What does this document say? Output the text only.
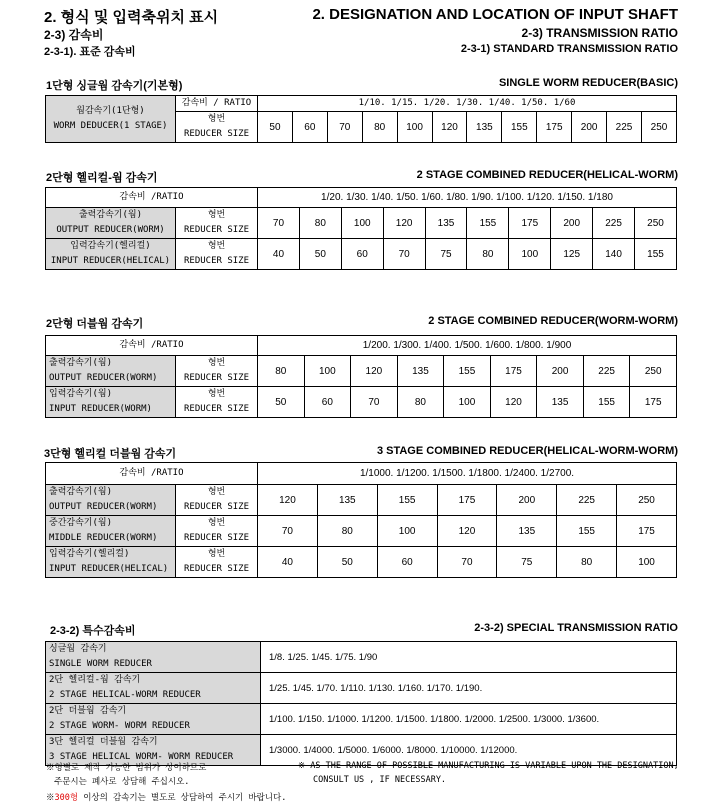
2. 형식 및 입력축위치 표시	2. DESIGNATION AND LOCATION OF INPUT SHAFT
2-3) 감속비	2-3) TRANSMISSION RATIO
2-3-1). 표준 감속비	2-3-1) STANDARD TRANSMISSION RATIO
1단형 싱글웜 감속기(기본형)	SINGLE WORM REDUCER(BASIC)
웜감속기(1단형)
WORM DEDUCER(1 STAGE)	감속비 / RATIO	1/10. 1/15. 1/20. 1/30. 1/40. 1/50. 1/60											
	형번
REDUCER SIZE	50	60	70	80	100	120	135	155	175	200	225	250
2단형 헬리컬-웜 감속기	2 STAGE COMBINED REDUCER(HELICAL-WORM)
감속비 /RATIO		1/20. 1/30. 1/40. 1/50. 1/60. 1/80. 1/90. 1/100. 1/120. 1/150. 1/180									
출력감속기(웜)
OUTPUT REDUCER(WORM)	형번
REDUCER SIZE	70	80	100	120	135	155	175	200	225	250
입력감속기(헬리컬)
INPUT REDUCER(HELICAL)	형번
REDUCER SIZE	40	50	60	70	75	80	100	125	140	155
2단형 더블웜 감속기	2 STAGE COMBINED REDUCER(WORM-WORM)
감속비 /RATIO		1/200. 1/300. 1/400. 1/500. 1/600. 1/800. 1/900								
출력감속기(웜)
OUTPUT REDUCER(WORM)	형번
REDUCER SIZE	80	100	120	135	155	175	200	225	250
입력감속기(웜)
INPUT REDUCER(WORM)	형번
REDUCER SIZE	50	60	70	80	100	120	135	155	175
3단형 헬리컬 더블웜 감속기	3 STAGE COMBINED REDUCER(HELICAL-WORM-WORM)
감속비 /RATIO		1/1000. 1/1200. 1/1500. 1/1800. 1/2400. 1/2700.						
출력감속기(웜)
OUTPUT REDUCER(WORM)	형번
REDUCER SIZE	120	135	155	175	200	225	250
중간감속기(웜)
MIDDLE REDUCER(WORM)	형번
REDUCER SIZE	70	80	100	120	135	155	175
입력감속기(헬리컬)
INPUT REDUCER(HELICAL)	형번
REDUCER SIZE	40	50	60	70	75	80	100
2-3-2) 특수감속비	2-3-2) SPECIAL TRANSMISSION RATIO
싱글웜 감속기
SINGLE WORM REDUCER	1/8. 1/25. 1/45. 1/75. 1/90
2단 헬리컬-웜 감속기
2 STAGE HELICAL-WORM REDUCER	1/25. 1/45. 1/70. 1/110. 1/130. 1/160. 1/170. 1/190.
2단 더블웜 감속기
2 STAGE WORM- WORM REDUCER	1/100. 1/150. 1/1000. 1/1200. 1/1500. 1/1800. 1/2000. 1/2500. 1/3000. 1/3600.
3단 헬리컬 더블웜 감속기
3 STAGE HELICAL WORM- WORM REDUCER	1/3000. 1/4000. 1/5000. 1/6000. 1/8000. 1/10000. 1/12000.
※형별로 제작 가능한 범위가 상이하므로
주문시는 폐사로 상담해 주십시오.
※ AS THE RANGE OF POSSIBLE MANUFACTURING IS VARIABLE UPON THE DESIGNATION,
CONSULT US , IF NECESSARY.
※300형 이상의 감속기는 별도로 상담하여 주시기 바랍니다.
